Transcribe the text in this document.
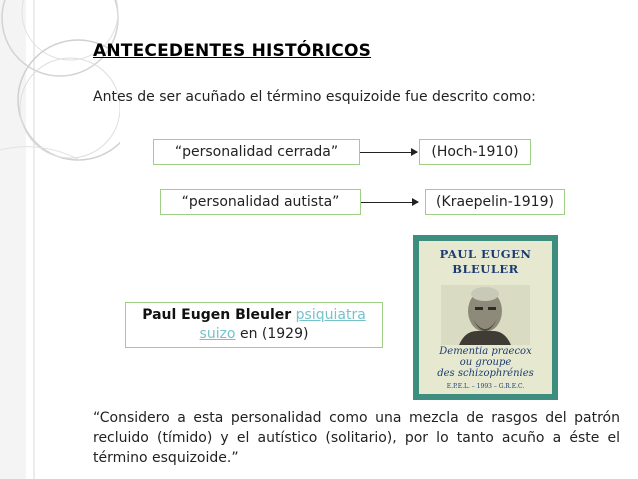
ANTECEDENTES HISTÓRICOS
Antes de ser acuñado el término esquizoide fue descrito como:
“personalidad cerrada”	(Hoch-1910)
“personalidad autista”	(Kraepelin-1919)
Paul Eugen Bleuler psiquiatra
suizo en (1929)
PAUL EUGEN
BLEULER
Dementia praecox
ou groupe
des schizophrénies
E.P.E.L. – 1993 – G.R.E.C.
“Considero a esta personalidad como una mezcla de rasgos del patrón recluido (tímido) y el autístico (solitario), por lo tanto acuño a éste el término esquizoide.”
